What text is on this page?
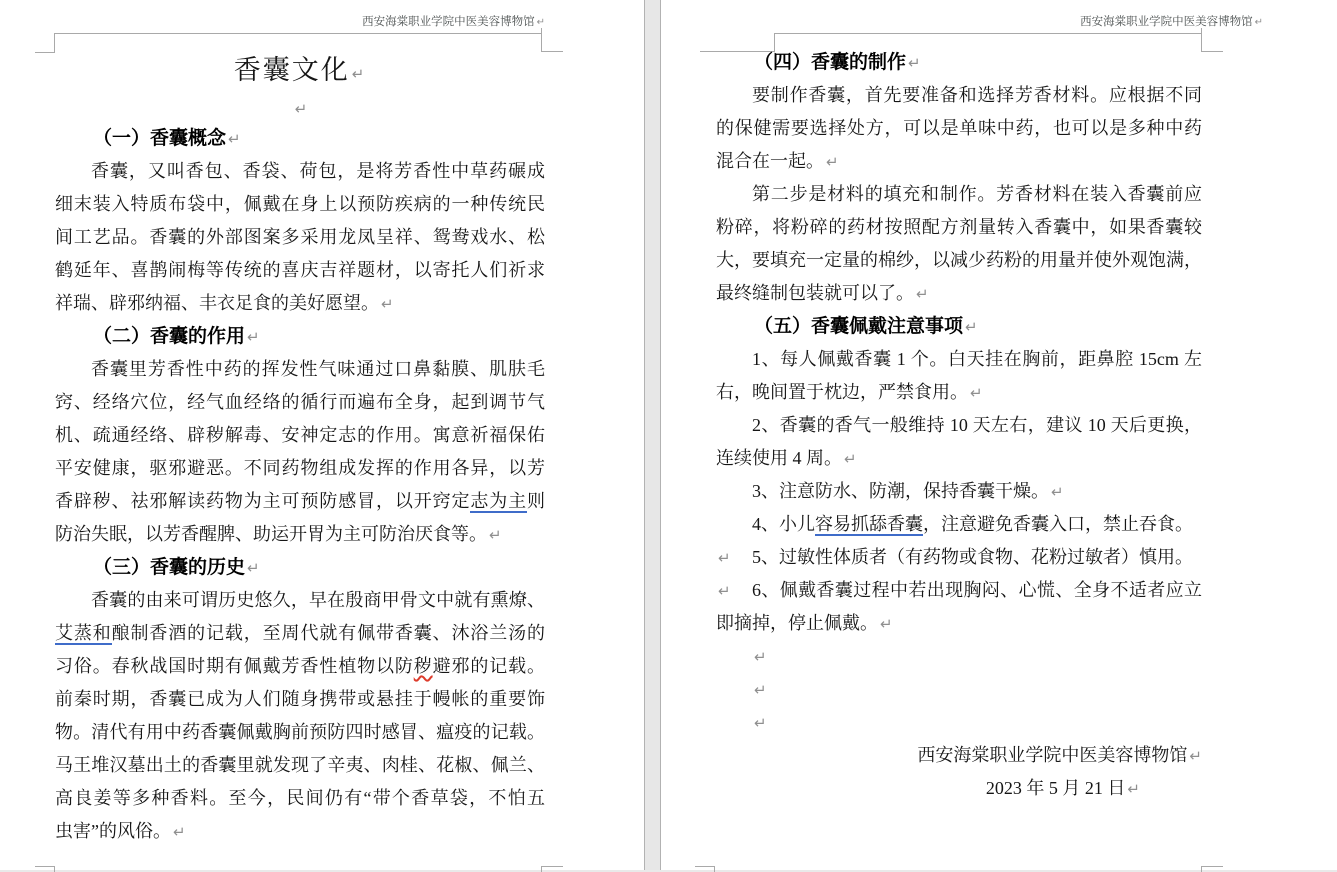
西安海棠职业学院中医美容博物馆 ↵
香囊文化 ↵
↵
（一）香囊概念 ↵
香囊，又叫香包、香袋、荷包，是将芳香性中草药碾成
细末装入特质布袋中，佩戴在身上以预防疾病的一种传统民
间工艺品。香囊的外部图案多采用龙凤呈祥、鸳鸯戏水、松
鹤延年、喜鹊闹梅等传统的喜庆吉祥题材，以寄托人们祈求
祥瑞、辟邪纳福、丰衣足食的美好愿望。 ↵
（二）香囊的作用 ↵
香囊里芳香性中药的挥发性气味通过口鼻黏膜、肌肤毛
窍、经络穴位，经气血经络的循行而遍布全身，起到调节气
机、疏通经络、辟秽解毒、安神定志的作用。寓意祈福保佑
平安健康，驱邪避恶。不同药物组成发挥的作用各异，以芳
香辟秽、祛邪解读药物为主可预防感冒，以开窍定志为主则
防治失眠，以芳香醒脾、助运开胃为主可防治厌食等。 ↵
（三）香囊的历史 ↵
香囊的由来可谓历史悠久，早在殷商甲骨文中就有熏燎、
艾蒸和酿制香酒的记载，至周代就有佩带香囊、沐浴兰汤的
习俗。春秋战国时期有佩戴芳香性植物以防秽避邪的记载。
前秦时期，香囊已成为人们随身携带或悬挂于幔帐的重要饰
物。清代有用中药香囊佩戴胸前预防四时感冒、瘟疫的记载。
马王堆汉墓出土的香囊里就发现了辛夷、肉桂、花椒、佩兰、
高良姜等多种香料。至今，民间仍有“带个香草袋，不怕五
虫害”的风俗。 ↵
西安海棠职业学院中医美容博物馆 ↵
（四）香囊的制作 ↵
要制作香囊，首先要准备和选择芳香材料。应根据不同
的保健需要选择处方，可以是单味中药，也可以是多种中药
混合在一起。 ↵
第二步是材料的填充和制作。芳香材料在装入香囊前应
粉碎，将粉碎的药材按照配方剂量转入香囊中，如果香囊较
大，要填充一定量的棉纱，以减少药粉的用量并使外观饱满，
最终缝制包装就可以了。 ↵
（五）香囊佩戴注意事项 ↵
1、每人佩戴香囊 1 个。白天挂在胸前，距鼻腔 15cm 左
右，晚间置于枕边，严禁食用。 ↵
2、香囊的香气一般维持 10 天左右，建议 10 天后更换，
连续使用 4 周。 ↵
3、注意防水、防潮，保持香囊干燥。 ↵
4、小儿容易抓舔香囊，注意避免香囊入口，禁止吞食。↵	5、过敏性体质者（有药物或食物、花粉过敏者）慎用。↵	6、佩戴香囊过程中若出现胸闷、心慌、全身不适者应立
即摘掉，停止佩戴。 ↵
↵
↵
↵
西安海棠职业学院中医美容博物馆 ↵
2023 年 5 月 21 日 ↵
